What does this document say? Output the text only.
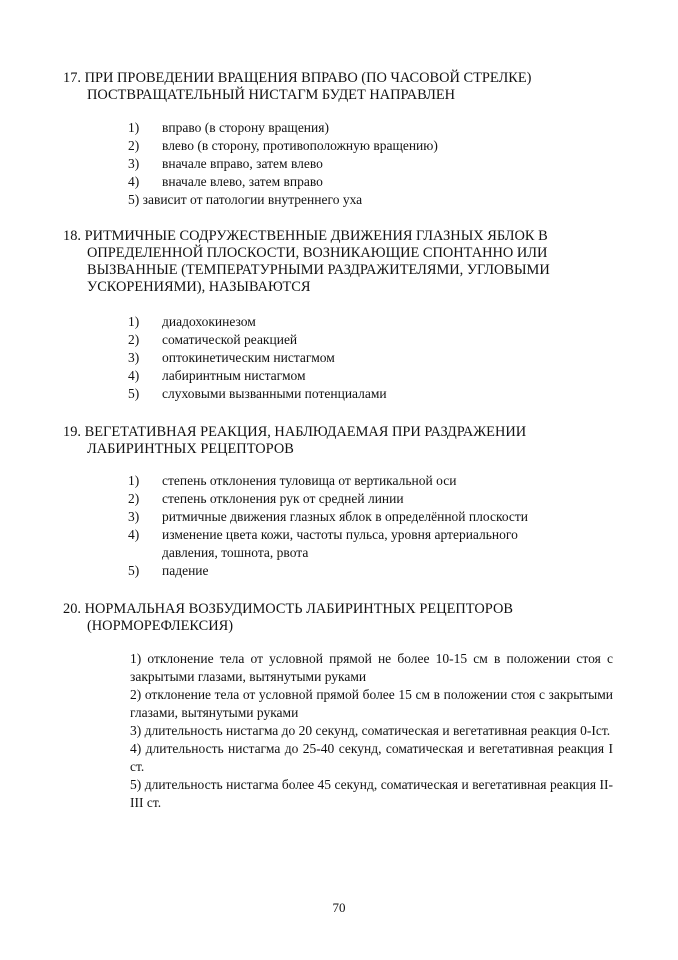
17. ПРИ ПРОВЕДЕНИИ ВРАЩЕНИЯ ВПРАВО (ПО ЧАСОВОЙ СТРЕЛКЕ)
ПОСТВРАЩАТЕЛЬНЫЙ НИСТАГМ БУДЕТ НАПРАВЛЕН

1) вправо (в сторону вращения)
2) влево (в сторону, противоположную вращению)
3) вначале вправо, затем влево
4) вначале влево, затем вправо
5) зависит от патологии внутреннего уха

18. РИТМИЧНЫЕ СОДРУЖЕСТВЕННЫЕ ДВИЖЕНИЯ ГЛАЗНЫХ ЯБЛОК В
ОПРЕДЕЛЕННОЙ ПЛОСКОСТИ, ВОЗНИКАЮЩИЕ СПОНТАННО ИЛИ
ВЫЗВАННЫЕ (ТЕМПЕРАТУРНЫМИ РАЗДРАЖИТЕЛЯМИ, УГЛОВЫМИ
УСКОРЕНИЯМИ), НАЗЫВАЮТСЯ

1) диадохокинезом
2) соматической реакцией
3) оптокинетическим нистагмом
4) лабиринтным нистагмом
5) слуховыми вызванными потенциалами

19. ВЕГЕТАТИВНАЯ РЕАКЦИЯ, НАБЛЮДАЕМАЯ ПРИ РАЗДРАЖЕНИИ
ЛАБИРИНТНЫХ РЕЦЕПТОРОВ

1) степень отклонения туловища от вертикальной оси
2) степень отклонения рук от средней линии
3) ритмичные движения глазных яблок в определённой плоскости
4) изменение цвета кожи, частоты пульса, уровня артериального
давления, тошнота, рвота
5) падение

20. НОРМАЛЬНАЯ ВОЗБУДИМОСТЬ ЛАБИРИНТНЫХ РЕЦЕПТОРОВ
(НОРМОРЕФЛЕКСИЯ)

1) отклонение тела от условной прямой не более 10-15 см в положении стоя с закрытыми глазами, вытянутыми руками
2) отклонение тела от условной прямой более 15 см в положении стоя с закрытыми глазами, вытянутыми руками
3) длительность нистагма до 20 секунд, соматическая и вегетативная реакция 0-Iст.
4) длительность нистагма до 25-40 секунд, соматическая и вегетативная реакция I ст.
5) длительность нистагма более 45 секунд, соматическая и вегетативная реакция II-III ст.
70
